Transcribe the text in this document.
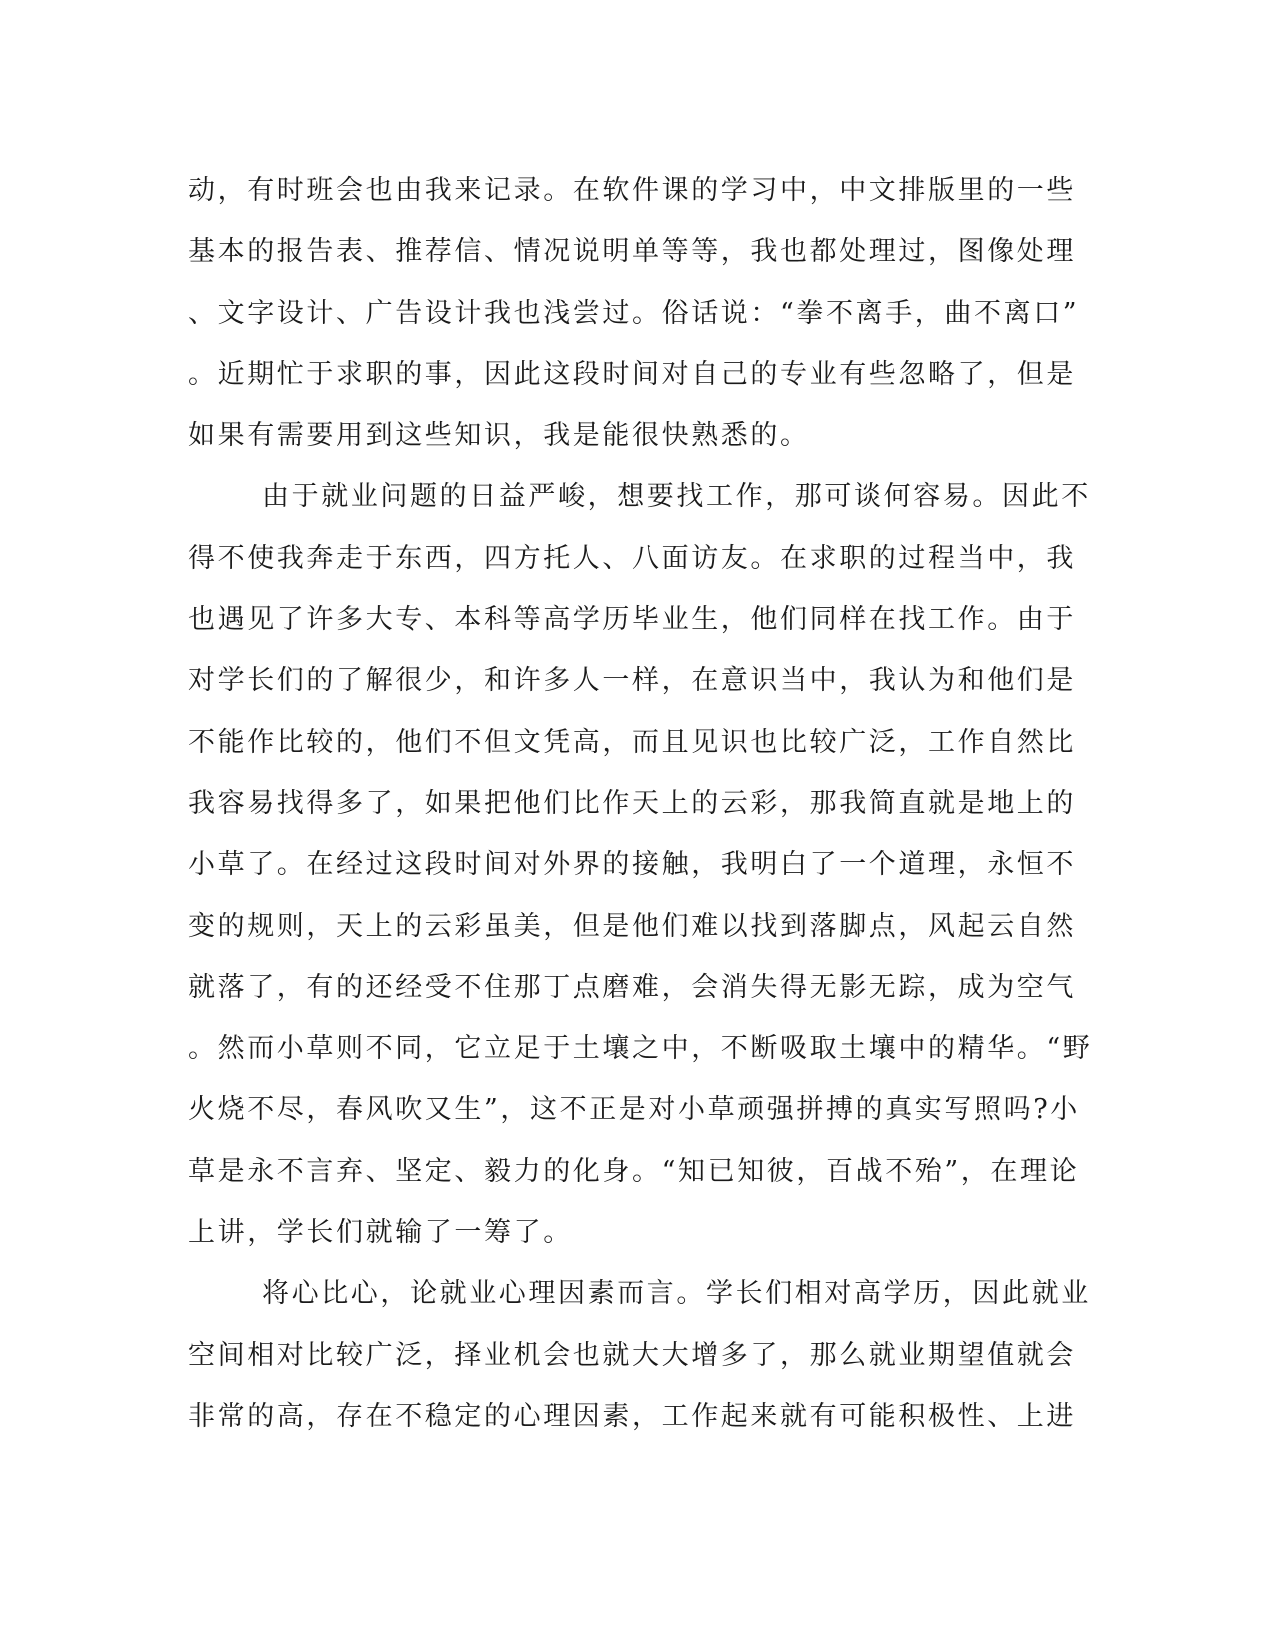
动，有时班会也由我来记录。在软件课的学习中，中文排版里的一些
基本的报告表、推荐信、情况说明单等等，我也都处理过，图像处理
、文字设计、广告设计我也浅尝过。俗话说：“拳不离手，曲不离口”
。近期忙于求职的事，因此这段时间对自己的专业有些忽略了，但是
如果有需要用到这些知识，我是能很快熟悉的。
由于就业问题的日益严峻，想要找工作，那可谈何容易。因此不
得不使我奔走于东西，四方托人、八面访友。在求职的过程当中，我
也遇见了许多大专、本科等高学历毕业生，他们同样在找工作。由于
对学长们的了解很少，和许多人一样，在意识当中，我认为和他们是
不能作比较的，他们不但文凭高，而且见识也比较广泛，工作自然比
我容易找得多了，如果把他们比作天上的云彩，那我简直就是地上的
小草了。在经过这段时间对外界的接触，我明白了一个道理，永恒不
变的规则，天上的云彩虽美，但是他们难以找到落脚点，风起云自然
就落了，有的还经受不住那丁点磨难，会消失得无影无踪，成为空气
。然而小草则不同，它立足于土壤之中，不断吸取土壤中的精华。“野
火烧不尽，春风吹又生”，这不正是对小草顽强拼搏的真实写照吗?小
草是永不言弃、坚定、毅力的化身。“知已知彼，百战不殆”，在理论
上讲，学长们就输了一筹了。
将心比心，论就业心理因素而言。学长们相对高学历，因此就业
空间相对比较广泛，择业机会也就大大增多了，那么就业期望值就会
非常的高，存在不稳定的心理因素，工作起来就有可能积极性、上进
